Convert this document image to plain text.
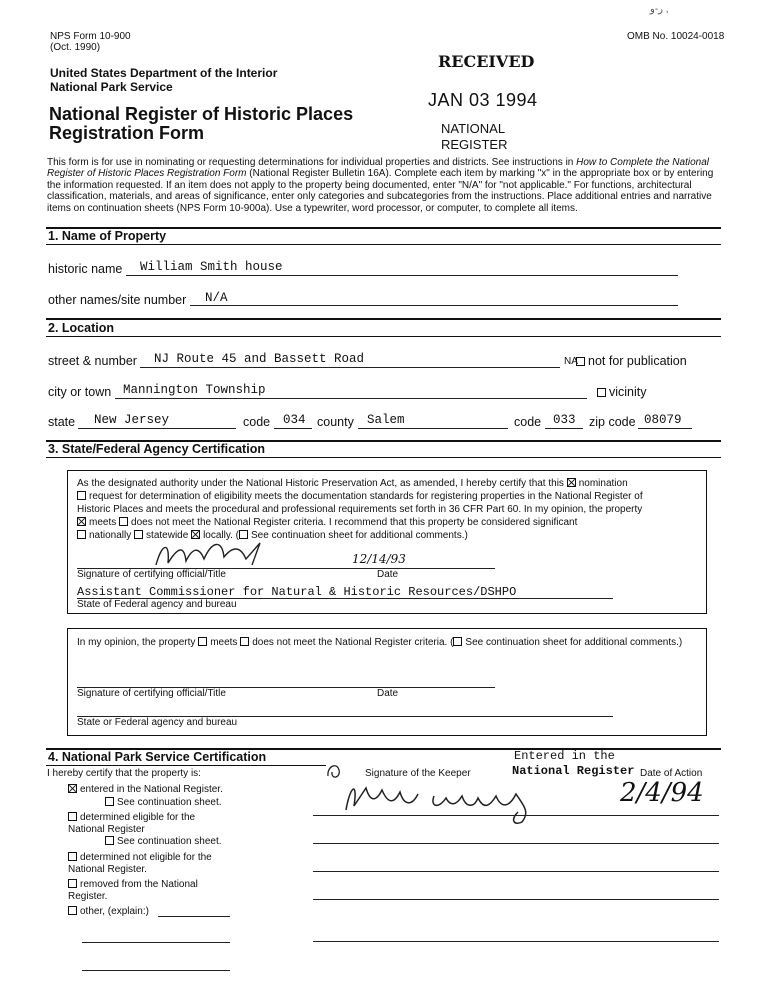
NPS Form 10-900
(Oct. 1990)
OMB No. 10024-0018
ر-و ,
United States Department of the Interior
National Park Service
National Register of Historic Places
Registration Form
RECEIVED
JAN 03 1994
NATIONAL
REGISTER
This form is for use in nominating or requesting determinations for individual properties and districts. See instructions in How to Complete the National Register of Historic Places Registration Form (National Register Bulletin 16A). Complete each item by marking "x" in the appropriate box or by entering the information requested. If an item does not apply to the property being documented, enter "N/A" for "not applicable." For functions, architectural classification, materials, and areas of significance, enter only categories and subcategories from the instructions. Place additional entries and narrative items on continuation sheets (NPS Form 10-900a). Use a typewriter, word processor, or computer, to complete all items.
1. Name of Property
historic name William Smith house
other names/site number N/A
2. Location
street & number NJ Route 45 and Bassett Road	NA not for publication
city or town Mannington Township	vicinity
state New Jersey	code 034 county Salem	code 033 zip code 08079
3. State/Federal Agency Certification
As the designated authority under the National Historic Preservation Act, as amended, I hereby certify that this nomination
request for determination of eligibility meets the documentation standards for registering properties in the National Register of
Historic Places and meets the procedural and professional requirements set forth in 36 CFR Part 60. In my opinion, the property
meets does not meet the National Register criteria. I recommend that this property be considered significant
nationally statewide locally. ( See continuation sheet for additional comments.)
12/14/93
Signature of certifying official/Title	Date
Assistant Commissioner for Natural & Historic Resources/DSHPO
State of Federal agency and bureau
In my opinion, the property meets does not meet the National Register criteria. ( See continuation sheet for additional comments.)
Signature of certifying official/Title	Date
State or Federal agency and bureau
4. National Park Service Certification	Entered in the
National Register
I hereby certify that the property is:	Signature of the Keeper	Date of Action
entered in the National Register.
See continuation sheet.
determined eligible for the National Register
See continuation sheet.
determined not eligible for the National Register.
removed from the National Register.
other, (explain:)
2/4/94
